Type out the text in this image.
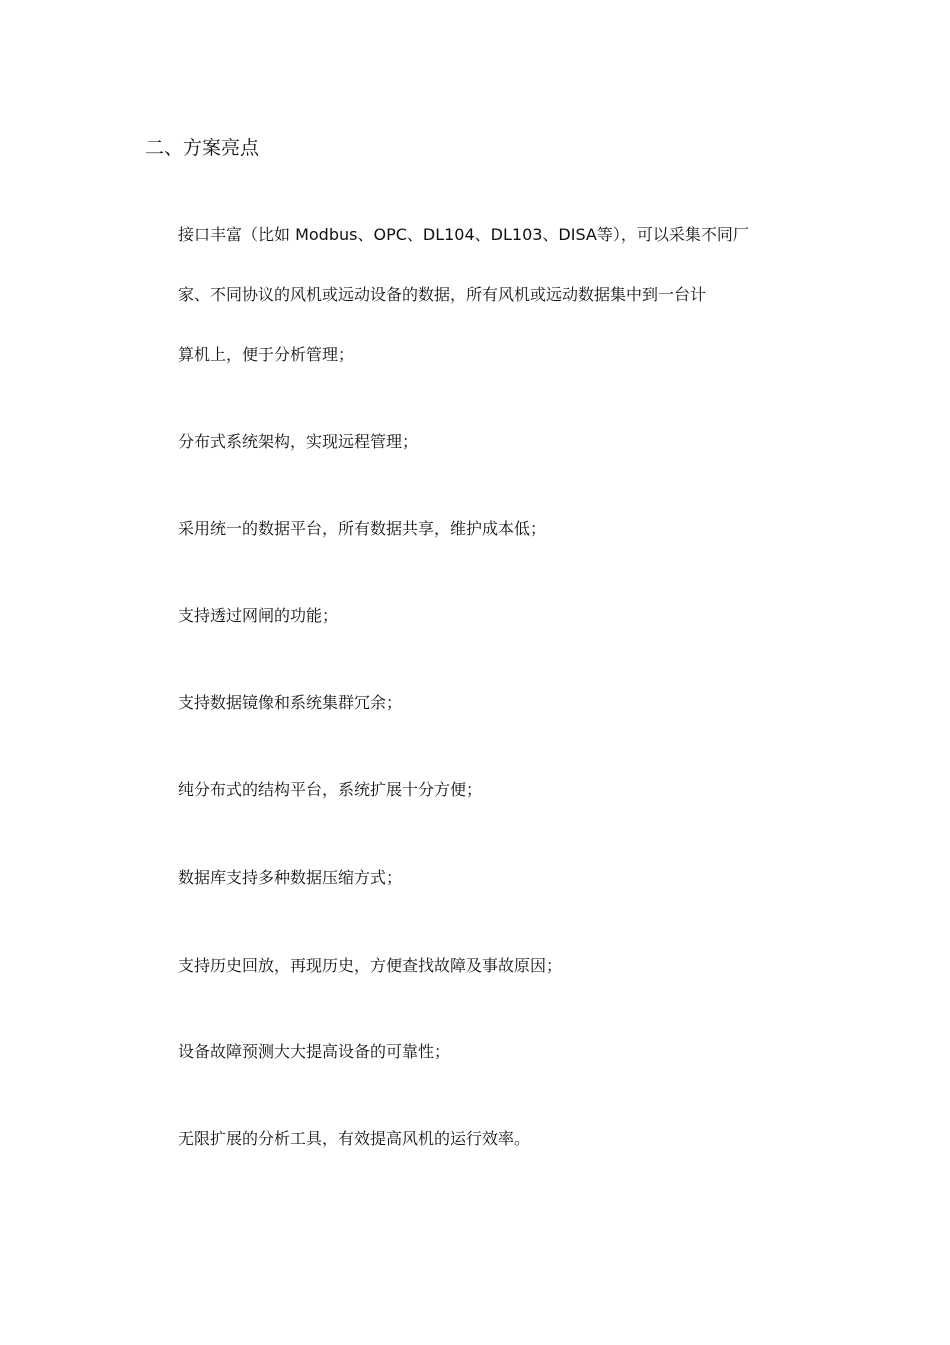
二、方案亮点
接口丰富（比如 Modbus、OPC、DL104、DL103、DISA等），可以采集不同厂
家、不同协议的风机或远动设备的数据，所有风机或远动数据集中到一台计
算机上，便于分析管理；
分布式系统架构，实现远程管理；
采用统一的数据平台，所有数据共享，维护成本低；
支持透过网闸的功能；
支持数据镜像和系统集群冗余；
纯分布式的结构平台，系统扩展十分方便；
数据库支持多种数据压缩方式；
支持历史回放，再现历史，方便查找故障及事故原因；
设备故障预测大大提高设备的可靠性；
无限扩展的分析工具，有效提高风机的运行效率。
